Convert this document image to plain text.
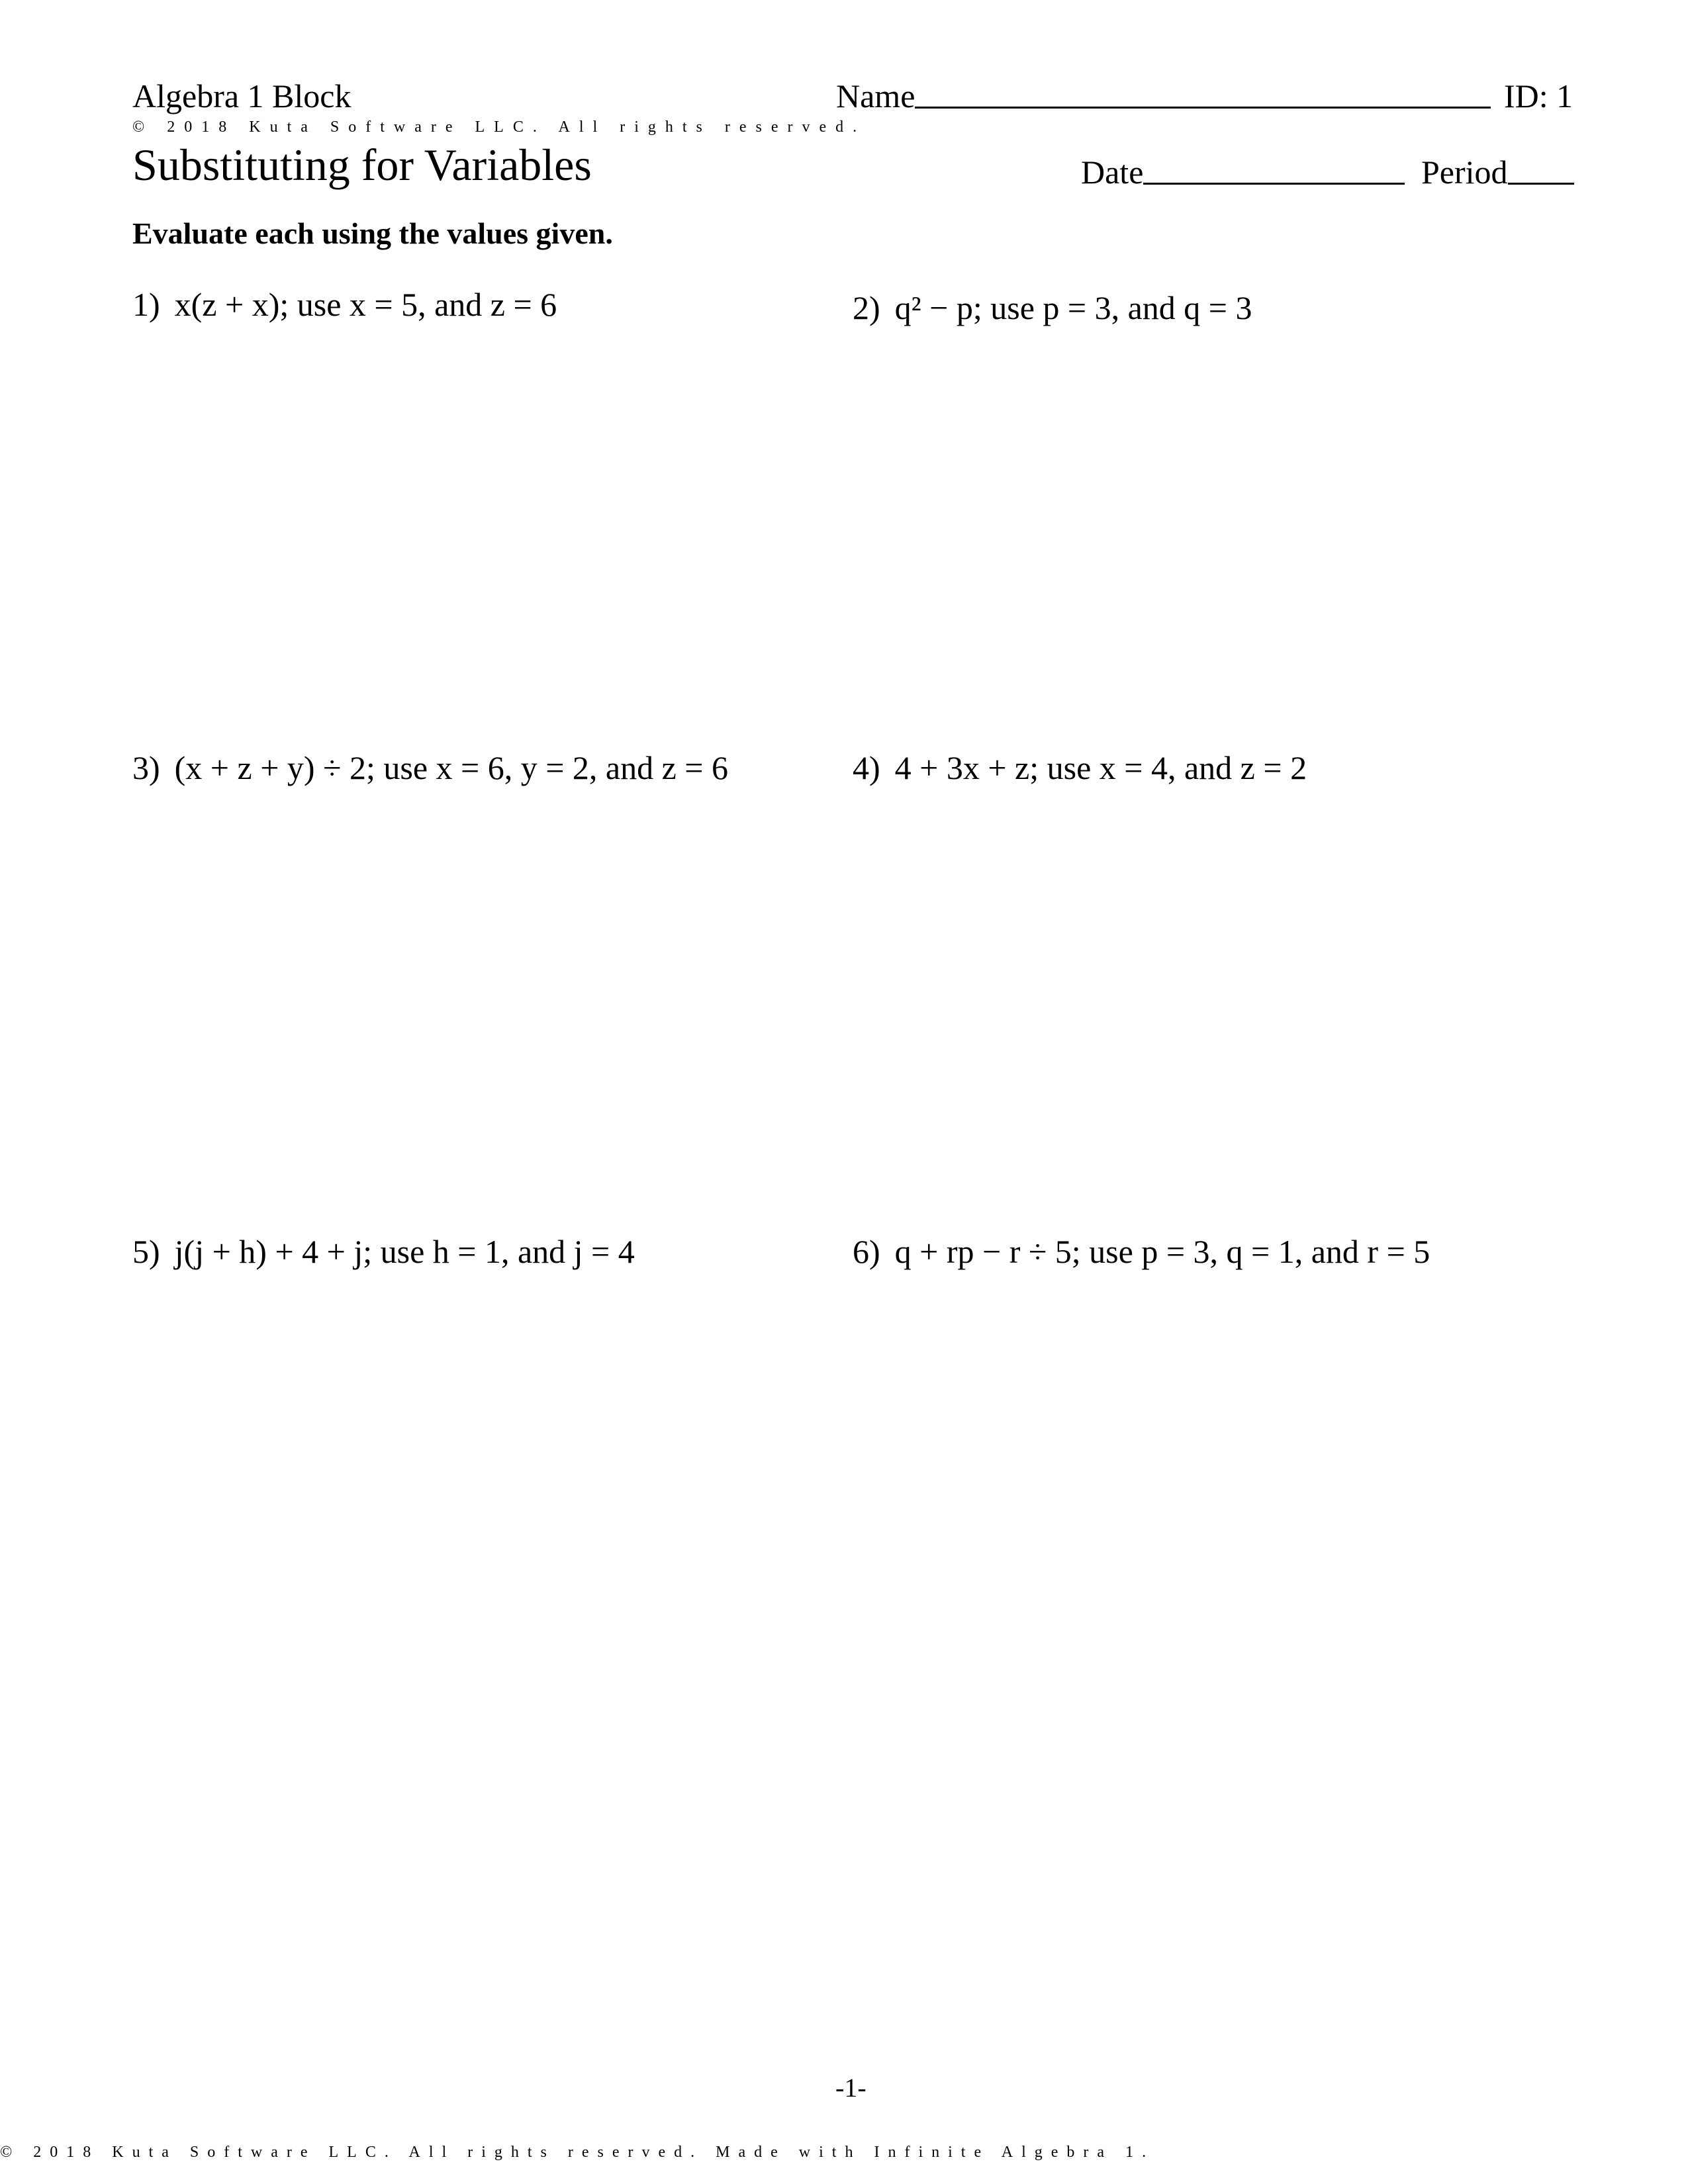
Algebra 1 Block	Name	ID: 1
© 2018 Kuta Software LLC. All rights reserved.
Substituting for Variables	Date	Period
Evaluate each using the values given.
1) x(z + x); use x = 5, and z = 6	2) q² − p; use p = 3, and q = 3
3) (x + z + y) ÷ 2; use x = 6, y = 2, and z = 6	4) 4 + 3x + z; use x = 4, and z = 2
5) j(j + h) + 4 + j; use h = 1, and j = 4	6) q + rp − r ÷ 5; use p = 3, q = 1, and r = 5
-1-
© 2018 Kuta Software LLC. All rights reserved. Made with Infinite Algebra 1.
